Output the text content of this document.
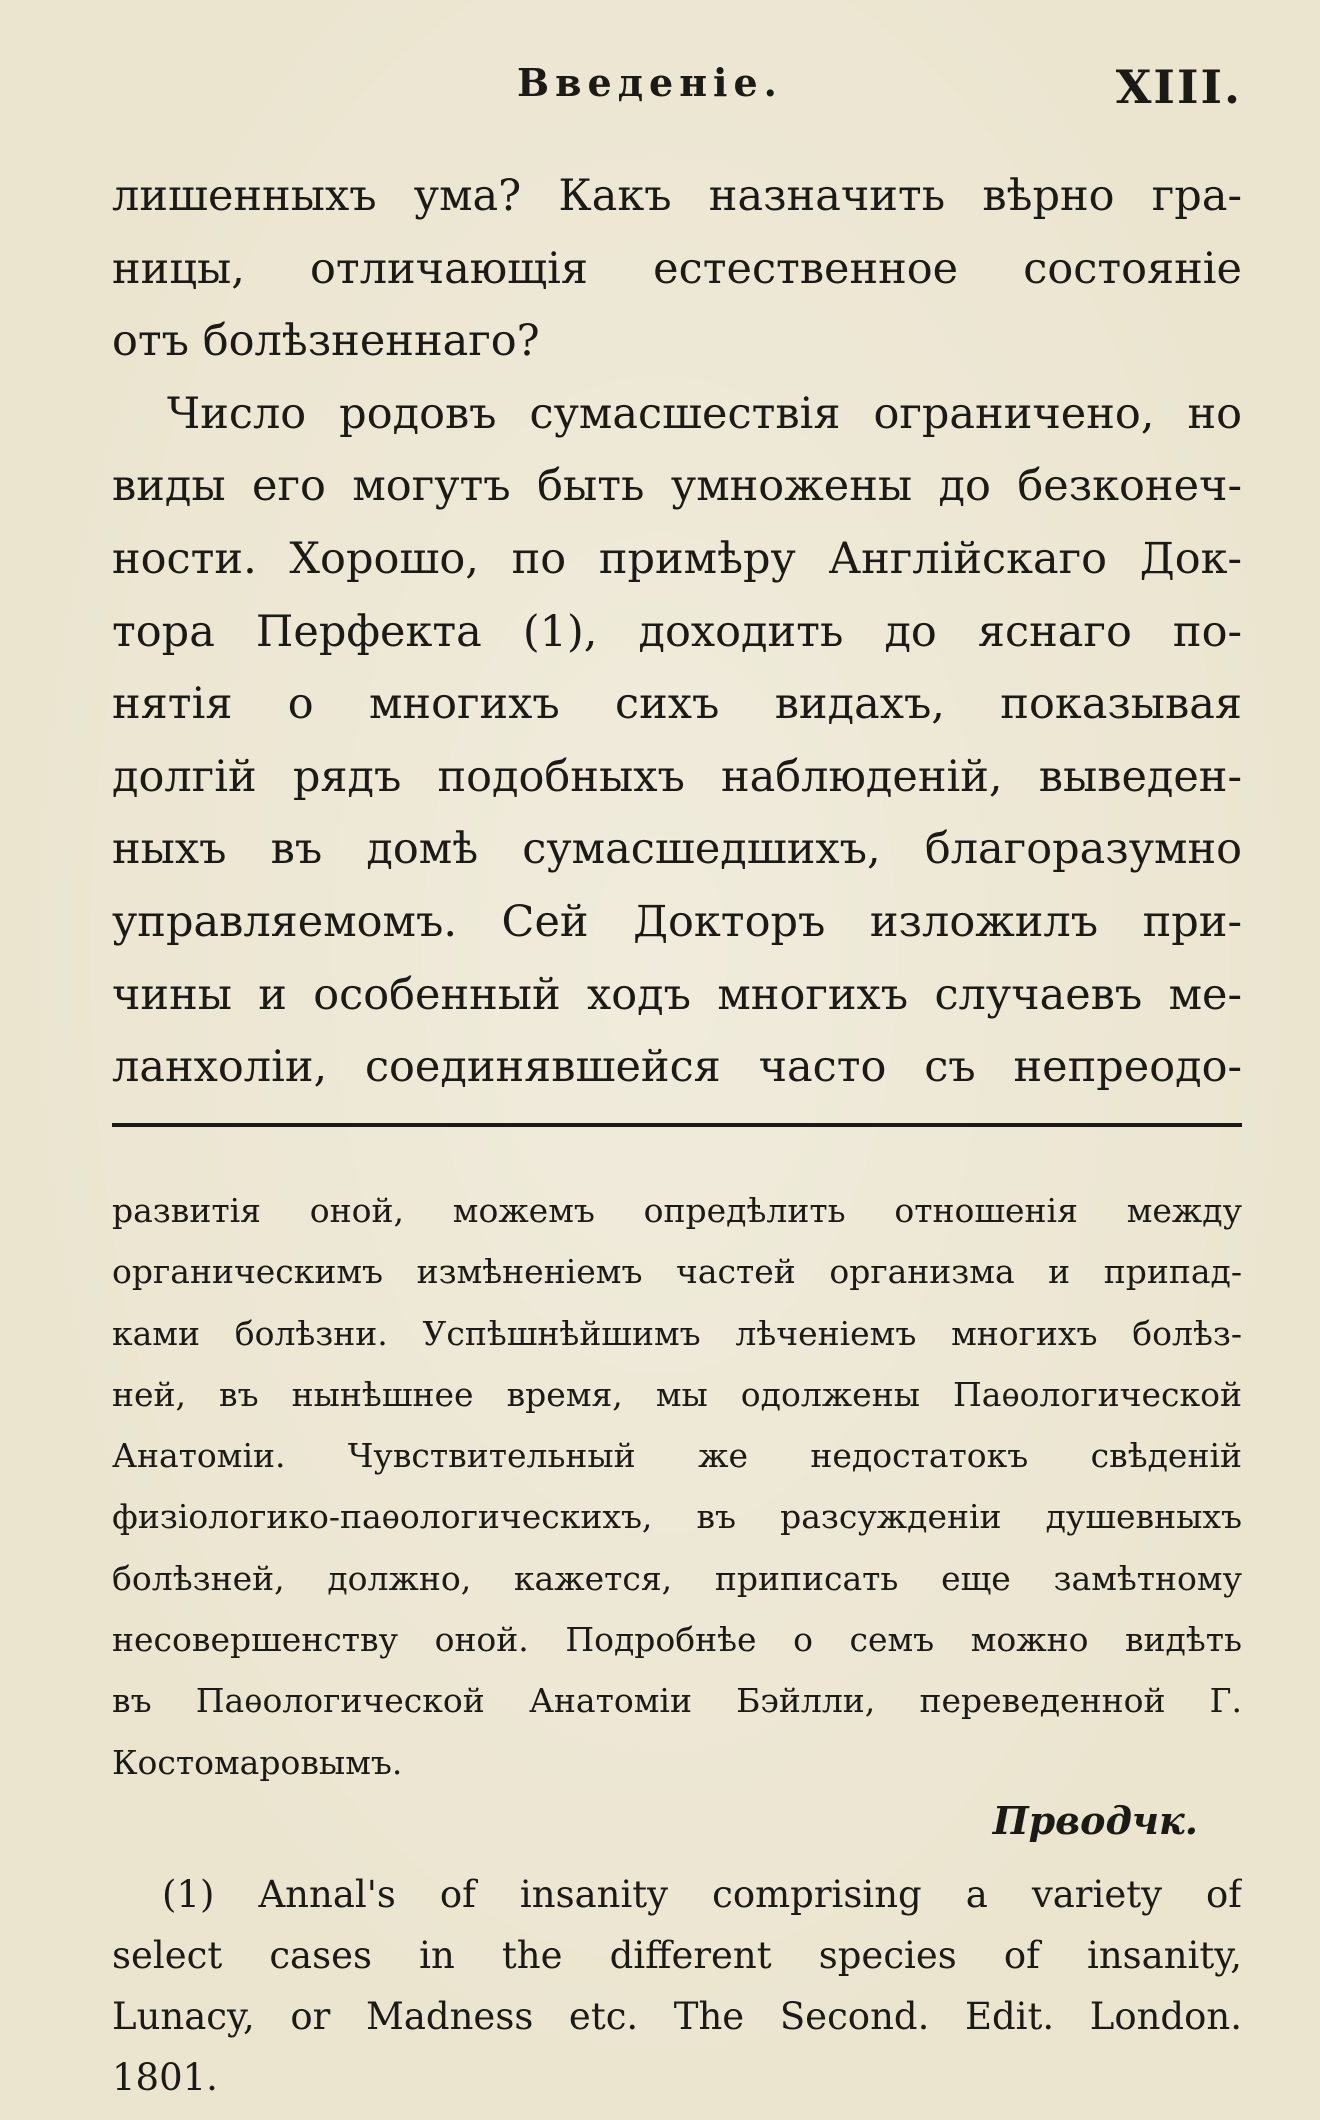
Введенiе.	XIII.
лишенныхъ ума? Какъ назначить вѣрно гра-
ницы, отличающiя естественное состоянiе
отъ болѣзненнаго?
Число родовъ сумасшествiя ограничено, но
виды его могутъ быть умножены до безконеч-
ности. Хорошо, по примѣру Англiйскаго Док-
тора Перфекта (1), доходить до яснаго по-
нятiя о многихъ сихъ видахъ, показывая
долгiй рядъ подобныхъ наблюденiй, выведен-
ныхъ въ домѣ сумасшедшихъ, благоразумно
управляемомъ. Сей Докторъ изложилъ при-
чины и особенный ходъ многихъ случаевъ ме-
ланхолiи, соединявшейся часто съ непреодо-
развитiя оной, можемъ опредѣлить отношенiя между
органическимъ измѣненiемъ частей организма и припад-
ками болѣзни. Успѣшнѣйшимъ лѣченiемъ многихъ болѣз-
ней, въ нынѣшнее время, мы одолжены Паѳологической
Анатомiи. Чувствительный же недостатокъ свѣденiй
физiологико-паѳологическихъ, въ разсужденiи душевныхъ
болѣзней, должно, кажется, приписать еще замѣтному
несовершенству оной. Подробнѣе о семъ можно видѣть
въ Паѳологической Анатомiи Бэйлли, переведенной Г.
Костомаровымъ.
Прводчк.
(1) Annal's of insanity comprising a variety of
select cases in the different species of insanity,
Lunacy, or Madness etc. The Second. Edit. London.
1801.
